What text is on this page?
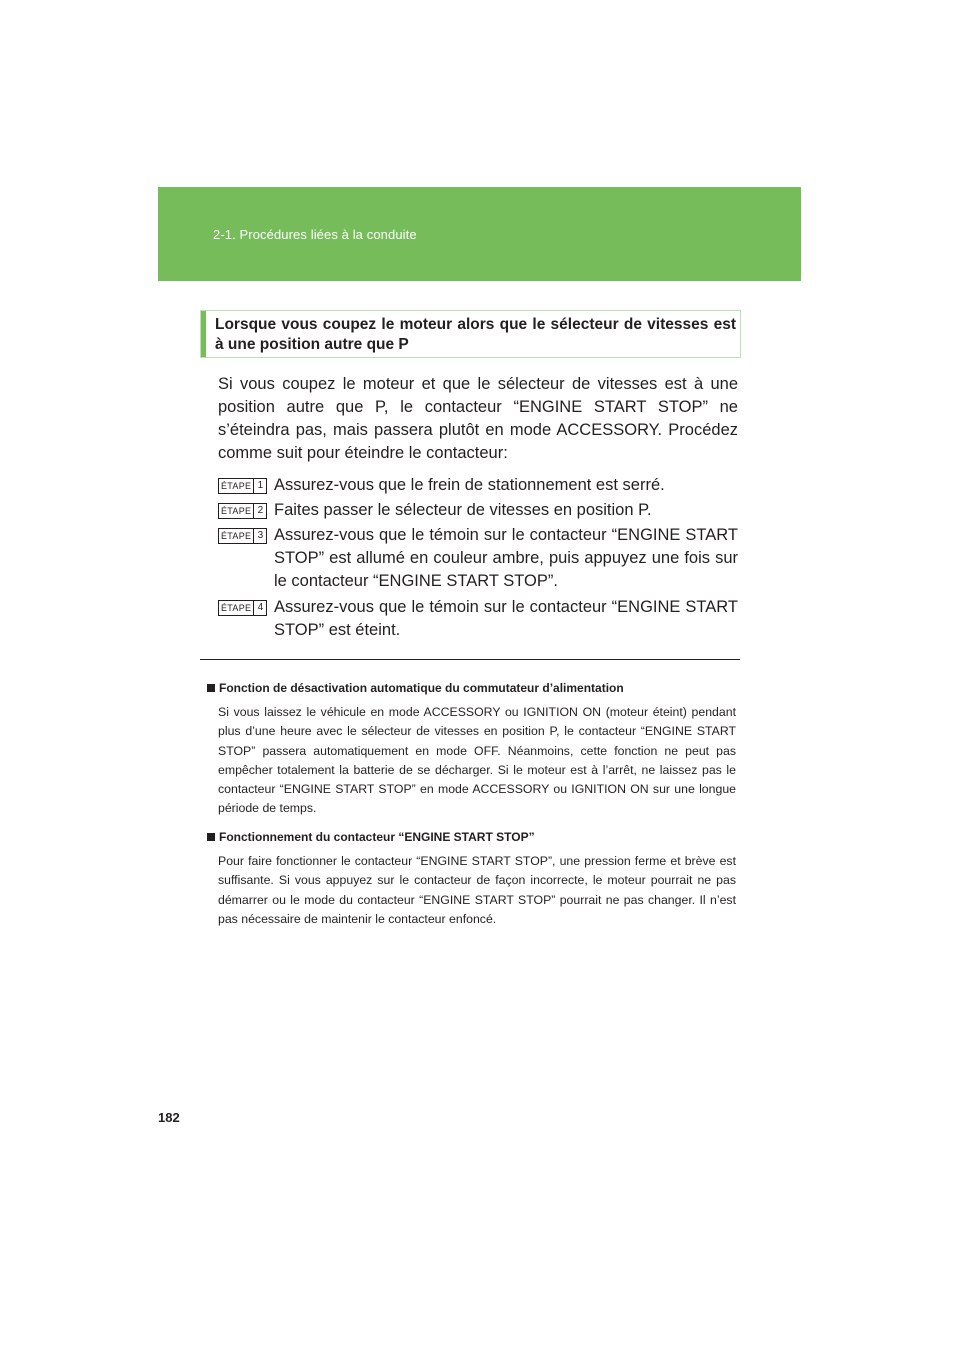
2-1. Procédures liées à la conduite
Lorsque vous coupez le moteur alors que le sélecteur de vitesses est à une position autre que P
Si vous coupez le moteur et que le sélecteur de vitesses est à une position autre que P, le contacteur “ENGINE START STOP” ne s’éteindra pas, mais passera plutôt en mode ACCESSORY. Procédez comme suit pour éteindre le contacteur:
ÉTAPE 1 Assurez-vous que le frein de stationnement est serré.
ÉTAPE 2 Faites passer le sélecteur de vitesses en position P.
ÉTAPE 3 Assurez-vous que le témoin sur le contacteur “ENGINE START STOP” est allumé en couleur ambre, puis appuyez une fois sur le contacteur “ENGINE START STOP”.
ÉTAPE 4 Assurez-vous que le témoin sur le contacteur “ENGINE START STOP” est éteint.
Fonction de désactivation automatique du commutateur d’alimentation
Si vous laissez le véhicule en mode ACCESSORY ou IGNITION ON (moteur éteint) pendant plus d’une heure avec le sélecteur de vitesses en position P, le contacteur “ENGINE START STOP” passera automatiquement en mode OFF. Néanmoins, cette fonction ne peut pas empêcher totalement la batterie de se décharger. Si le moteur est à l’arrêt, ne laissez pas le contacteur “ENGINE START STOP” en mode ACCESSORY ou IGNITION ON sur une longue période de temps.
Fonctionnement du contacteur “ENGINE START STOP”
Pour faire fonctionner le contacteur “ENGINE START STOP”, une pression ferme et brève est suffisante. Si vous appuyez sur le contacteur de façon incorrecte, le moteur pourrait ne pas démarrer ou le mode du contacteur “ENGINE START STOP” pourrait ne pas changer. Il n’est pas nécessaire de maintenir le contacteur enfoncé.
182
